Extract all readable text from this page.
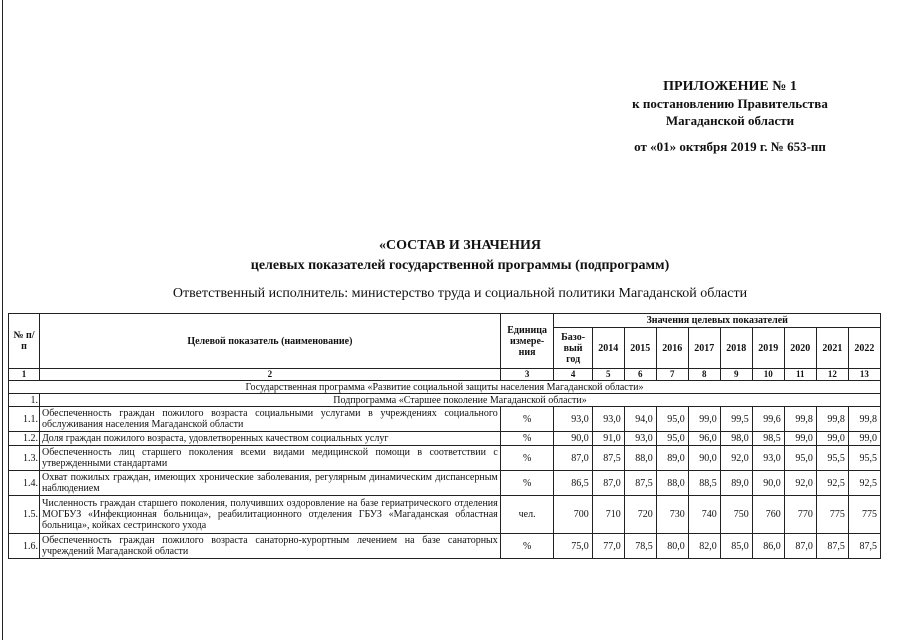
ПРИЛОЖЕНИЕ № 1
к постановлению Правительства
Магаданской области
от «01» октября 2019 г. № 653-пп
«СОСТАВ И ЗНАЧЕНИЯ
целевых показателей государственной программы (подпрограмм)
Ответственный исполнитель: министерство труда и социальной политики Магаданской области
№ п/п	Целевой показатель (наименование)	Единица измере-ния	Значения целевых показателей									
			Базо-вый год	2014	2015	2016	2017	2018	2019	2020	2021	2022
1	2	3	4	5	6	7	8	9	10	11	12	13
Государственная программа «Развитие социальной защиты населения Магаданской области»												
1.	Подпрограмма «Старшее поколение Магаданской области»											
1.1.	Обеспеченность граждан пожилого возраста социальными услугами в учреждениях социального обслуживания населения Магаданской области	%	93,0	93,0	94,0	95,0	99,0	99,5	99,6	99,8	99,8	99,8
1.2.	Доля граждан пожилого возраста, удовлетворенных качеством социальных услуг	%	90,0	91,0	93,0	95,0	96,0	98,0	98,5	99,0	99,0	99,0
1.3.	Обеспеченность лиц старшего поколения всеми видами медицинской помощи в соответствии с утвержденными стандартами	%	87,0	87,5	88,0	89,0	90,0	92,0	93,0	95,0	95,5	95,5
1.4.	Охват пожилых граждан, имеющих хронические заболевания, регулярным динамическим диспансерным наблюдением	%	86,5	87,0	87,5	88,0	88,5	89,0	90,0	92,0	92,5	92,5
1.5.	Численность граждан старшего поколения, получивших оздоровление на базе гериатрического отделения МОГБУЗ «Инфекционная больница», реабилитационного отделения ГБУЗ «Магаданская областная больница», койках сестринского ухода	чел.	700	710	720	730	740	750	760	770	775	775
1.6.	Обеспеченность граждан пожилого возраста санаторно-курортным лечением на базе санаторных учреждений Магаданской области	%	75,0	77,0	78,5	80,0	82,0	85,0	86,0	87,0	87,5	87,5
